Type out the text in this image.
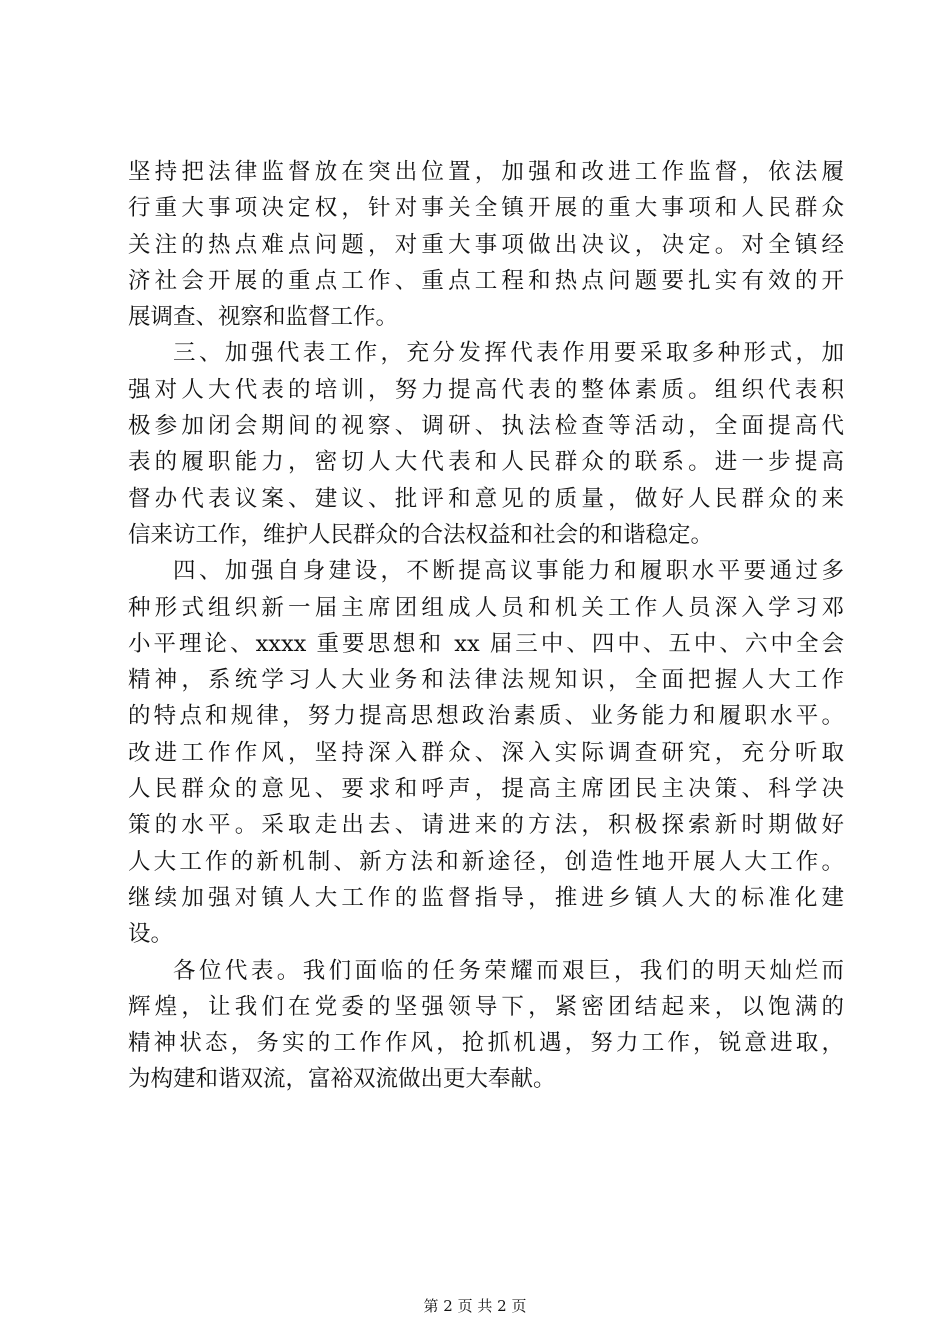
坚持把法律监督放在突出位置，加强和改进工作监督，依法履
行重大事项决定权，针对事关全镇开展的重大事项和人民群众
关注的热点难点问题，对重大事项做出决议，决定。对全镇经
济社会开展的重点工作、重点工程和热点问题要扎实有效的开
展调查、视察和监督工作。
三、加强代表工作，充分发挥代表作用要采取多种形式，加
强对人大代表的培训，努力提高代表的整体素质。组织代表积
极参加闭会期间的视察、调研、执法检查等活动，全面提高代
表的履职能力，密切人大代表和人民群众的联系。进一步提高
督办代表议案、建议、批评和意见的质量，做好人民群众的来
信来访工作，维护人民群众的合法权益和社会的和谐稳定。
四、加强自身建设，不断提高议事能力和履职水平要通过多
种形式组织新一届主席团组成人员和机关工作人员深入学习邓
小平理论、xxxx 重要思想和 xx 届三中、四中、五中、六中全会
精神，系统学习人大业务和法律法规知识，全面把握人大工作
的特点和规律，努力提高思想政治素质、业务能力和履职水平。
改进工作作风，坚持深入群众、深入实际调查研究，充分听取
人民群众的意见、要求和呼声，提高主席团民主决策、科学决
策的水平。采取走出去、请进来的方法，积极探索新时期做好
人大工作的新机制、新方法和新途径，创造性地开展人大工作。
继续加强对镇人大工作的监督指导，推进乡镇人大的标准化建
设。
各位代表。我们面临的任务荣耀而艰巨，我们的明天灿烂而
辉煌，让我们在党委的坚强领导下，紧密团结起来，以饱满的
精神状态，务实的工作作风，抢抓机遇，努力工作，锐意进取，
为构建和谐双流，富裕双流做出更大奉献。
第 2 页 共 2 页
